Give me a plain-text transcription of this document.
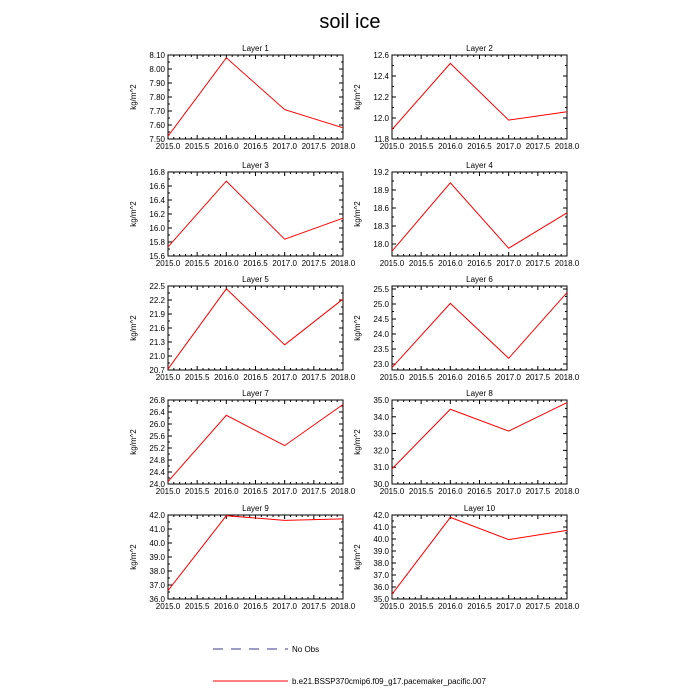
soil ice
Layer 1
2015.0 2015.5 2016.0 2016.5 2017.0 2017.5 2018.0
7.50
7.60
7.70
7.80
7.90
8.00
8.10
kg/m^2
Layer 2
2015.0 2015.5 2016.0 2016.5 2017.0 2017.5 2018.0
11.8
12.0
12.2
12.4
12.6
kg/m^2
Layer 3
2015.0 2015.5 2016.0 2016.5 2017.0 2017.5 2018.0
15.6
15.8
16.0
16.2
16.4
16.6
16.8
kg/m^2
Layer 4
2015.0 2015.5 2016.0 2016.5 2017.0 2017.5 2018.0
18.0
18.3
18.6
18.9
19.2
kg/m^2
Layer 5
2015.0 2015.5 2016.0 2016.5 2017.0 2017.5 2018.0
20.7
21.0
21.3
21.6
21.9
22.2
22.5
kg/m^2
Layer 6
2015.0 2015.5 2016.0 2016.5 2017.0 2017.5 2018.0
23.0
23.5
24.0
24.5
25.0
25.5
kg/m^2
Layer 7
2015.0 2015.5 2016.0 2016.5 2017.0 2017.5 2018.0
24.0
24.4
24.8
25.2
25.6
26.0
26.4
26.8
kg/m^2
Layer 8
2015.0 2015.5 2016.0 2016.5 2017.0 2017.5 2018.0
30.0
31.0
32.0
33.0
34.0
35.0
kg/m^2
Layer 9
2015.0 2015.5 2016.0 2016.5 2017.0 2017.5 2018.0
36.0
37.0
38.0
39.0
40.0
41.0
42.0
kg/m^2
Layer 10
2015.0 2015.5 2016.0 2016.5 2017.0 2017.5 2018.0
35.0
36.0
37.0
38.0
39.0
40.0
41.0
42.0
kg/m^2
No Obs
b.e21.BSSP370cmip6.f09_g17.pacemaker_pacific.007
